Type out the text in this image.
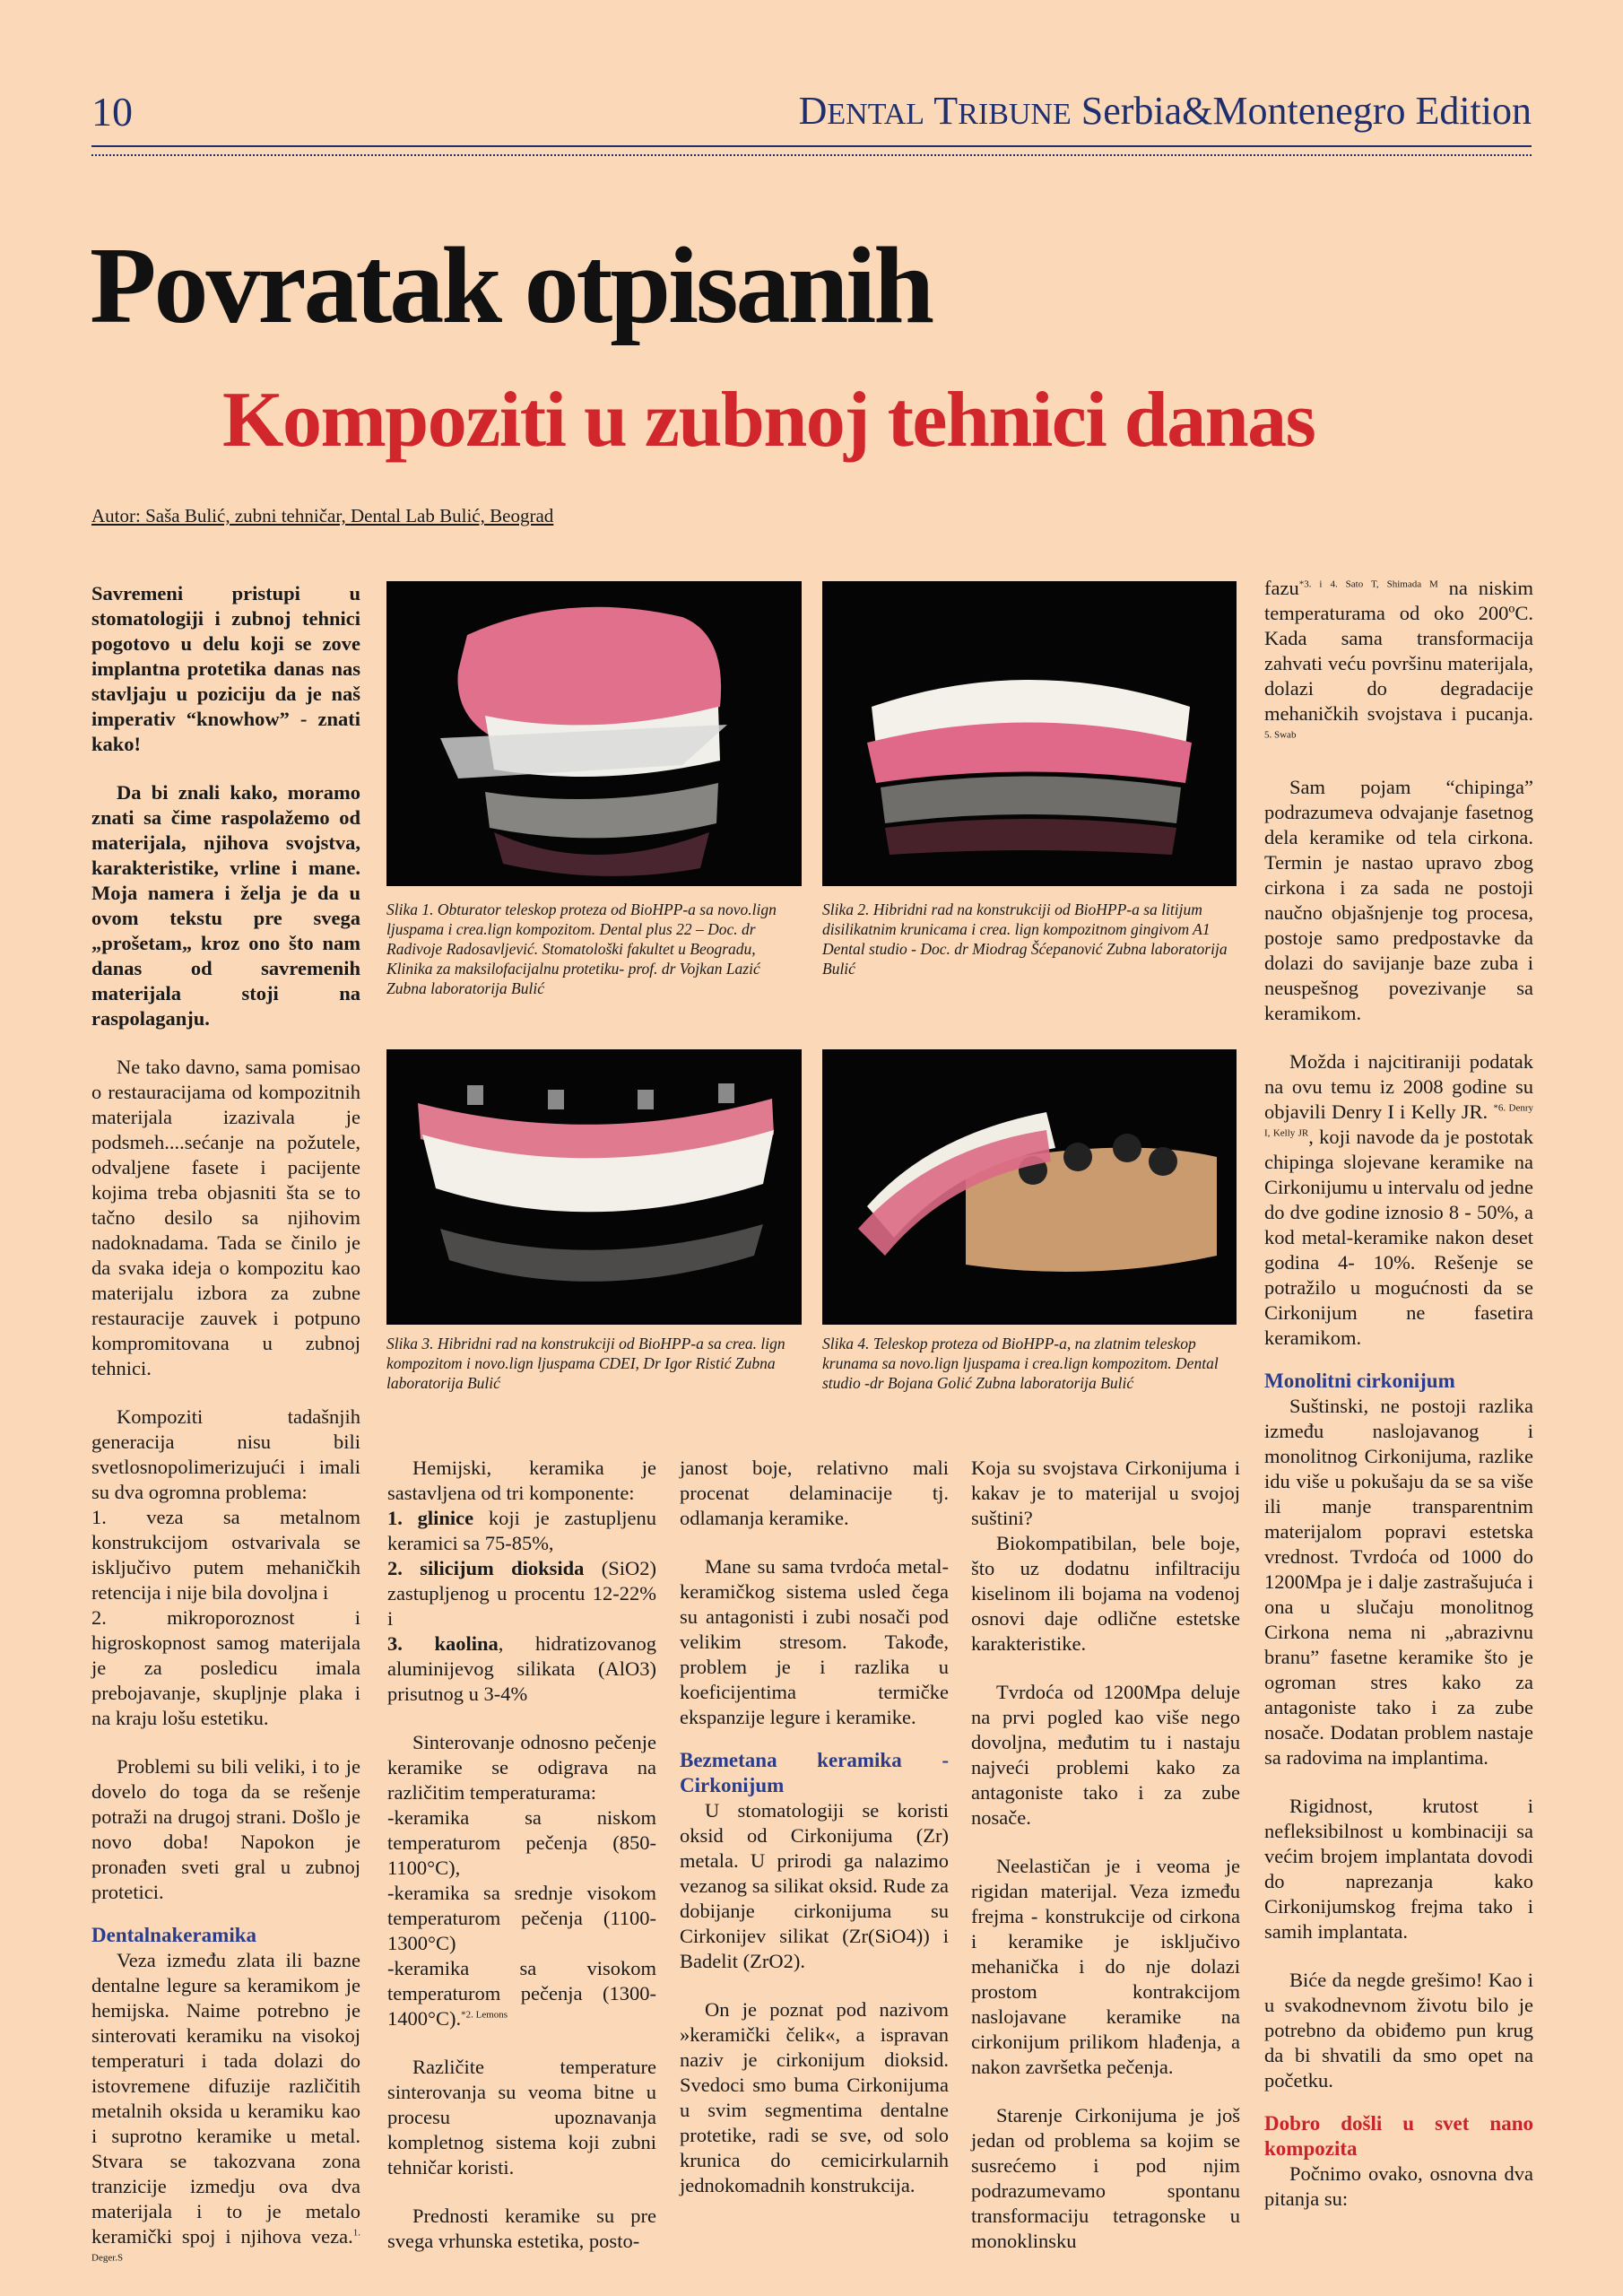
10	DENTAL TRIBUNE Serbia&Montenegro Edition
Povratak otpisanih
Kompoziti u zubnoj tehnici danas
Autor: Saša Bulić, zubni tehničar, Dental Lab Bulić, Beograd

Savremeni pristupi u stomatologiji i zubnoj tehnici pogotovo u delu koji se zove implantna protetika danas nas stavljaju u poziciju da je naš imperativ “knowhow” - znati kako!

Da bi znali kako, moramo znati sa čime raspolažemo od materijala, njihova svojstva, karakteristike, vrline i mane. Moja namera i želja je da u ovom tekstu pre svega „prošetam„ kroz ono što nam danas od savremenih materijala stoji na raspolaganju.

Ne tako davno, sama pomisao o restauracijama od kompozitnih materijala izazivala je podsmeh....sećanje na požutele, odvaljene fasete i pacijente kojima treba objasniti šta se to tačno desilo sa njihovim nadoknadama. Tada se činilo je da svaka ideja o kompozitu kao materijalu izbora za zubne restauracije zauvek i potpuno kompromitovana u zubnoj tehnici.

Kompoziti tadašnjih generacija nisu bili svetlosnopolimerizujući i imali su dva ogromna problema:

1. veza sa metalnom konstrukcijom ostvarivala se isključivo putem mehaničkih retencija i nije bila dovoljna i

2. mikroporoznost i higroskopnost samog materijala je za posledicu imala prebojavanje, skupljnje plaka i na kraju lošu estetiku.

Problemi su bili veliki, i to je dovelo do toga da se rešenje potraži na drugoj strani. Došlo je novo doba! Napokon je pronađen sveti gral u zubnoj protetici.

Dentalnakeramika

Veza između zlata ili bazne dentalne legure sa keramikom je hemijska. Naime potrebno je sinterovati keramiku na visokoj temperaturi i tada dolazi do istovremene difuzije različitih metalnih oksida u keramiku kao i suprotno keramike u metal. Stvara se takozvana zona tranzicije izmedju ova dva materijala i to je metalo keramički spoj i njihova veza.$^{1. Deger.S}$

Slika 1. Obturator teleskop proteza od BioHPP-a sa novo.lign ljuspama i crea.lign kompozitom. Dental plus 22 – Doc. dr Radivoje Radosavljević. Stomatološki fakultet u Beogradu, Klinika za maksilofacijalnu protetiku- prof. dr Vojkan Lazić Zubna laboratorija Bulić
Slika 2. Hibridni rad na konstrukciji od BioHPP-a sa litijum disilikatnim krunicama i crea. lign kompozitnom gingivom A1 Dental studio - Doc. dr Miodrag Šćepanović Zubna laboratorija Bulić
Slika 3. Hibridni rad na konstrukciji od BioHPP-a sa crea. lign kompozitom i novo.lign ljuspama CDEI, Dr Igor Ristić Zubna laboratorija Bulić
Slika 4. Teleskop proteza od BioHPP-a, na zlatnim teleskop krunama sa novo.lign ljuspama i crea.lign kompozitom. Dental studio -dr Bojana Golić Zubna laboratorija Bulić

Hemijski, keramika je sastavljena od tri komponente:

1. glinice koji je zastupljenu keramici sa 75-85%,

2. silicijum dioksida (SiO2) zastupljenog u procentu 12-22% i

3. kaolina, hidratizovanog aluminijevog silikata (AlO3) prisutnog u 3-4%

Sinterovanje odnosno pečenje keramike se odigrava na različitim temperaturama:

-keramika sa niskom temperaturom pečenja (850-1100°C),

-keramika sa srednje visokom temperaturom pečenja (1100-1300°C)

-keramika sa visokom temperaturom pečenja (1300-1400°C).$^{*2. Lemons}$

Različite temperature sinterovanja su veoma bitne u procesu upoznavanja kompletnog sistema koji zubni tehničar koristi.

Prednosti keramike su pre svega vrhunska estetika, posto-

janost boje, relativno mali procenat delaminacije tj. odlamanja keramike.

Mane su sama tvrdoća metal-keramičkog sistema usled čega su antagonisti i zubi nosači pod velikim stresom. Takođe, problem je i razlika u koeficijentima termičke ekspanzije legure i keramike.

Bezmetana keramika -Cirkonijum

U stomatologiji se koristi oksid od Cirkonijuma (Zr) metala. U prirodi ga nalazimo vezanog sa silikat oksid. Rude za dobijanje cirkonijuma su Cirkonijev silikat (Zr(SiO4)) i Badelit (ZrO2).

On je poznat pod nazivom »keramički čelik«, a ispravan naziv je cirkonijum dioksid. Svedoci smo buma Cirkonijuma u svim segmentima dentalne protetike, radi se sve, od solo krunica do cemicirkularnih jednokomadnih konstrukcija.

Koja su svojstava Cirkonijuma i kakav je to materijal u svojoj suštini?

Biokompatibilan, bele boje, što uz dodatnu infiltraciju kiselinom ili bojama na vodenoj osnovi daje odlične estetske karakteristike.

Tvrdoća od 1200Mpa deluje na prvi pogled kao više nego dovoljna, međutim tu i nastaju najveći problemi kako za antagoniste tako i za zube nosače.

Neelastičan je i veoma je rigidan materijal. Veza između frejma - konstrukcije od cirkona i keramike je isključivo mehanička i do nje dolazi prostom kontrakcijom naslojavane keramike na cirkonijum prilikom hlađenja, a nakon završetka pečenja.

Starenje Cirkonijuma je još jedan od problema sa kojim se susrećemo i pod njim podrazumevamo spontanu transformaciju tetragonske u monoklinsku

fazu$^{*3. i 4. Sato T, Shimada M}$ na niskim temperaturama od oko 200ºC. Kada sama transformacija zahvati veću površinu materijala, dolazi do degradacije mehaničkih svojstava i pucanja. $^{5. Swab}$

Sam pojam “chipinga” podrazumeva odvajanje fasetnog dela keramike od tela cirkona. Termin je nastao upravo zbog cirkona i za sada ne postoji naučno objašnjenje tog procesa, postoje samo predpostavke da dolazi do savijanje baze zuba i neuspešnog povezivanje sa keramikom.

Možda i najcitiraniji podatak na ovu temu iz 2008 godine su objavili Denry I i Kelly JR. $^{*6. Denry I, Kelly JR}$, koji navode da je postotak chipinga slojevane keramike na Cirkonijumu u intervalu od jedne do dve godine iznosio 8 - 50%, a kod metal-keramike nakon deset godina 4- 10%. Rešenje se potražilo u mogućnosti da se Cirkonijum ne fasetira keramikom.

Monolitni cirkonijum

Suštinski, ne postoji razlika između naslojavanog i monolitnog Cirkonijuma, razlike idu više u pokušaju da se sa više ili manje transparentnim materijalom popravi estetska vrednost. Tvrdoća od 1000 do 1200Mpa je i dalje zastrašujuća i ona u slučaju monolitnog Cirkona nema ni „abrazivnu branu” fasetne keramike što je ogroman stres kako za antagoniste tako i za zube nosače. Dodatan problem nastaje sa radovima na implantima.

Rigidnost, krutost i nefleksibilnost u kombinaciji sa većim brojem implantata dovodi do naprezanja kako Cirkonijumskog frejma tako i samih implantata.

Biće da negde grešimo! Kao i u svakodnevnom životu bilo je potrebno da obiđemo pun krug da bi shvatili da smo opet na početku.

Dobro došli u svet nano kompozita

Počnimo ovako, osnovna dva pitanja su:
